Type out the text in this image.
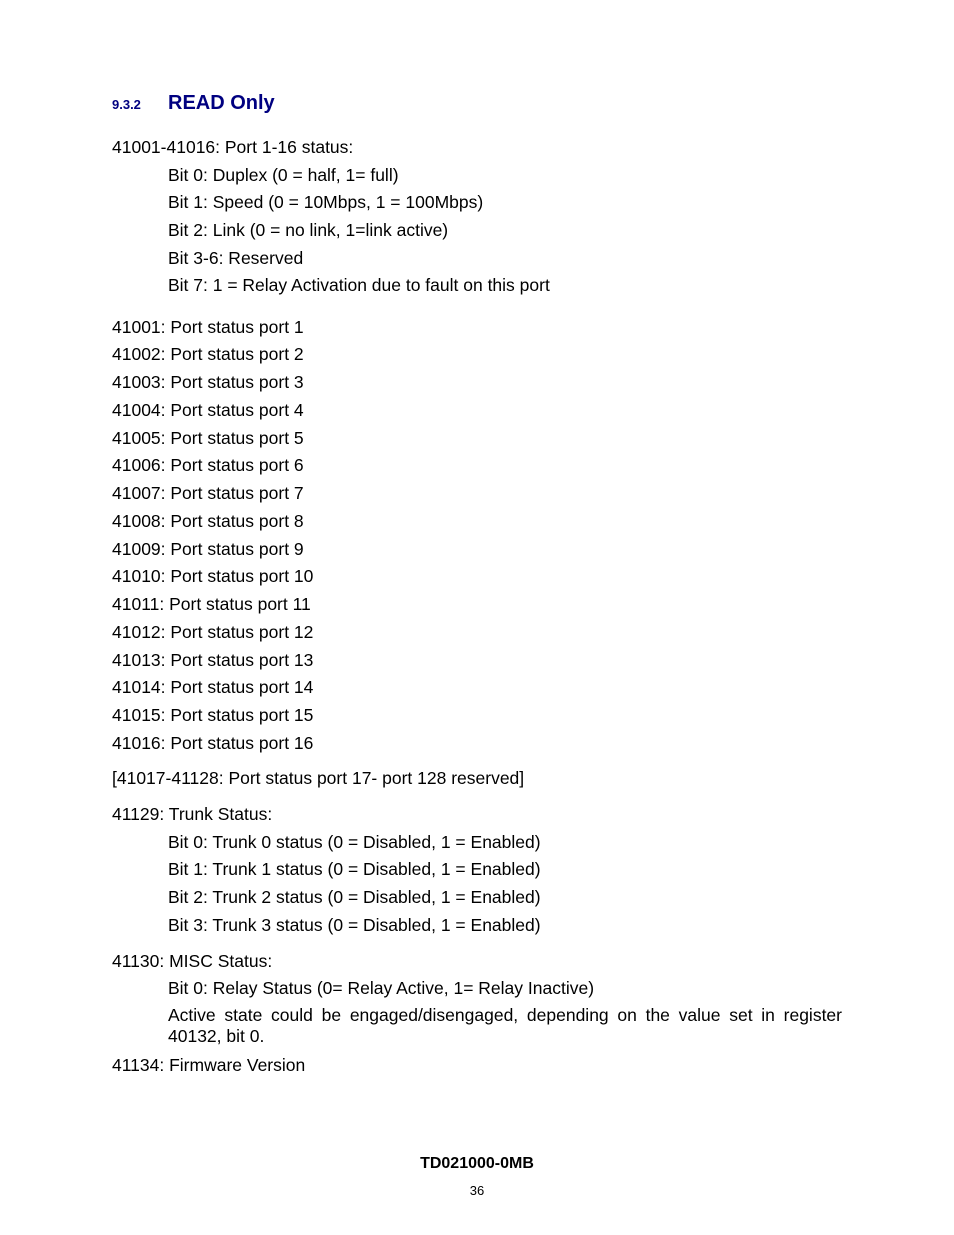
9.3.2	READ Only
41001-41016: Port 1-16 status:
Bit 0: Duplex (0 = half, 1= full)
Bit 1: Speed (0 = 10Mbps, 1 = 100Mbps)
Bit 2: Link (0 = no link, 1=link active)
Bit 3-6: Reserved
Bit 7: 1 = Relay Activation due to fault on this port
41001: Port status port 1
41002: Port status port 2
41003: Port status port 3
41004: Port status port 4
41005: Port status port 5
41006: Port status port 6
41007: Port status port 7
41008: Port status port 8
41009: Port status port 9
41010: Port status port 10
41011: Port status port 11
41012: Port status port 12
41013: Port status port 13
41014: Port status port 14
41015: Port status port 15
41016: Port status port 16
[41017-41128: Port status port 17- port 128 reserved]
41129: Trunk Status:
Bit 0: Trunk 0 status (0 = Disabled, 1 = Enabled)
Bit 1: Trunk 1 status (0 = Disabled, 1 = Enabled)
Bit 2: Trunk 2 status (0 = Disabled, 1 = Enabled)
Bit 3: Trunk 3 status (0 = Disabled, 1 = Enabled)
41130: MISC Status:
Bit 0: Relay Status (0= Relay Active, 1= Relay Inactive)
Active state could be engaged/disengaged, depending on the value set in register 40132, bit 0.
41134: Firmware Version
TD021000-0MB
36
